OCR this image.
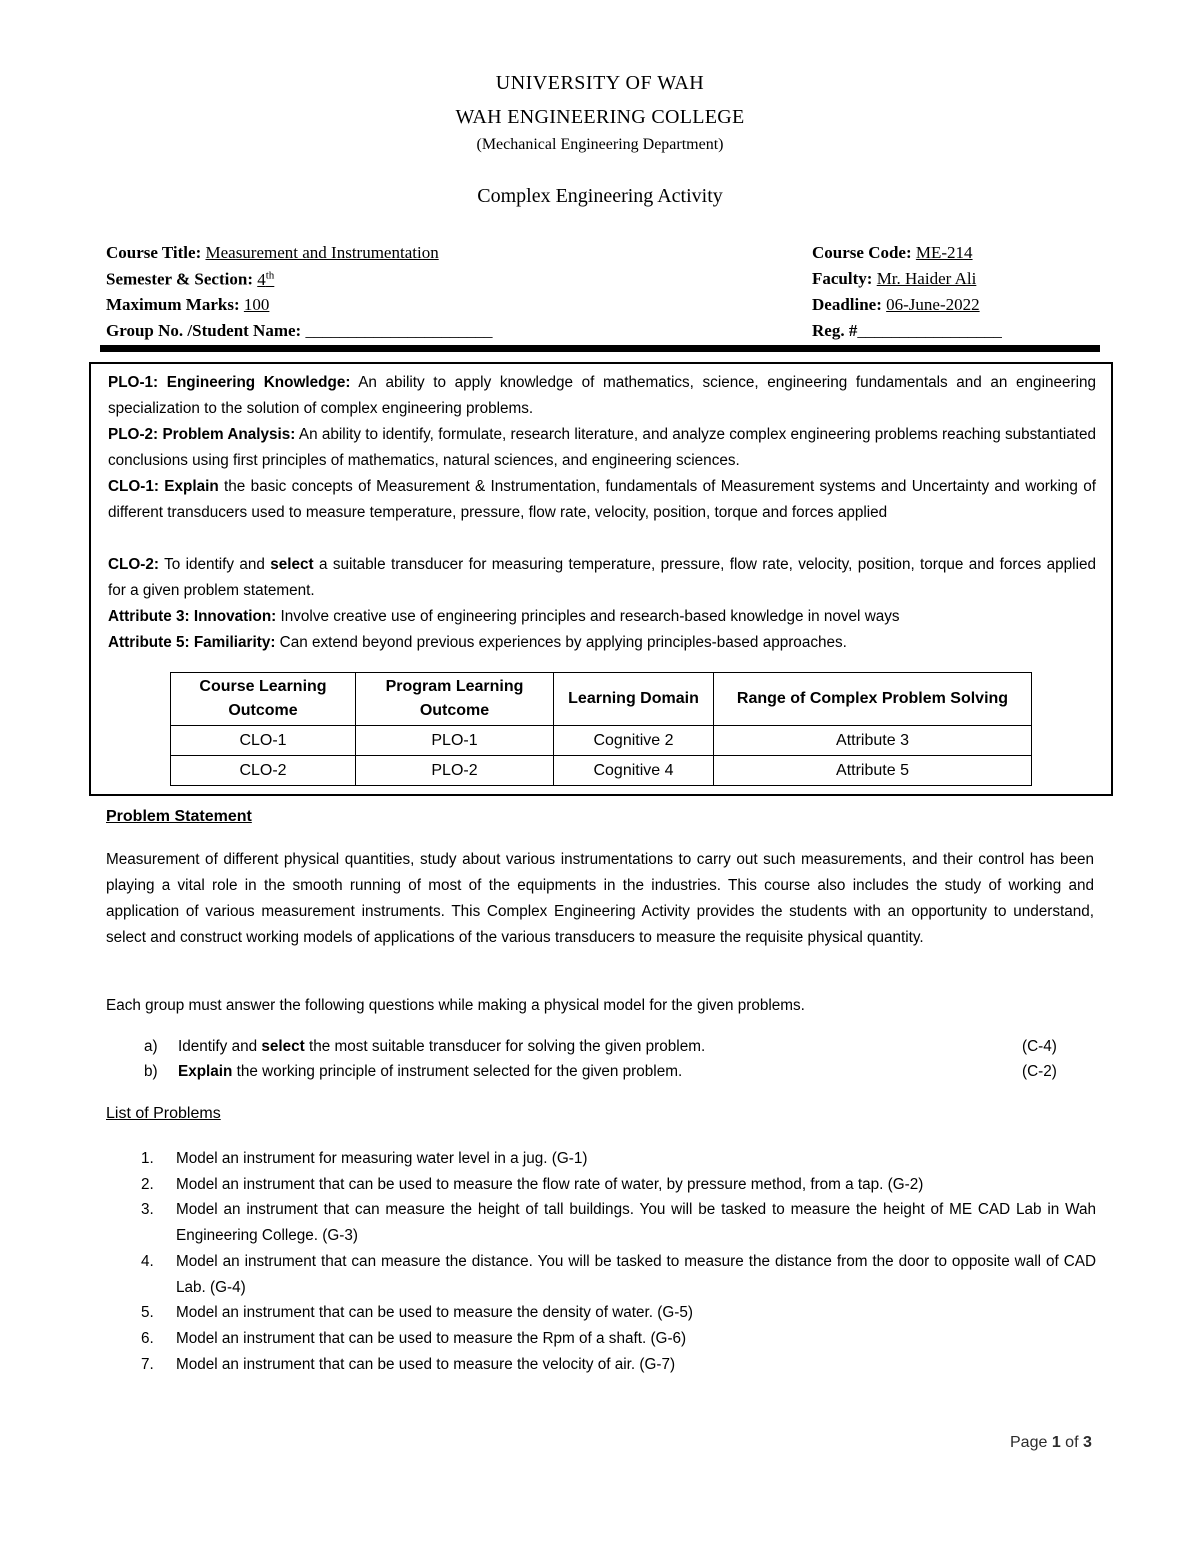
UNIVERSITY OF WAH
WAH ENGINEERING COLLEGE
(Mechanical Engineering Department)
Complex Engineering Activity
Course Title: Measurement and Instrumentation
Semester & Section: 4th
Maximum Marks: 100
Group No. /Student Name: ______________________
Course Code: ME-214
Faculty: Mr. Haider Ali
Deadline: 06-June-2022
Reg. #_________________
PLO-1: Engineering Knowledge: An ability to apply knowledge of mathematics, science, engineering fundamentals and an engineering specialization to the solution of complex engineering problems.
PLO-2: Problem Analysis: An ability to identify, formulate, research literature, and analyze complex engineering problems reaching substantiated conclusions using first principles of mathematics, natural sciences, and engineering sciences.
CLO-1: Explain the basic concepts of Measurement & Instrumentation, fundamentals of Measurement systems and Uncertainty and working of different transducers used to measure temperature, pressure, flow rate, velocity, position, torque and forces applied
CLO-2: To identify and select a suitable transducer for measuring temperature, pressure, flow rate, velocity, position, torque and forces applied for a given problem statement.
Attribute 3: Innovation: Involve creative use of engineering principles and research-based knowledge in novel ways
Attribute 5: Familiarity: Can extend beyond previous experiences by applying principles-based approaches.
Course Learning Outcome	Program Learning Outcome	Learning Domain	Range of Complex Problem Solving
CLO-1	PLO-1	Cognitive 2	Attribute 3
CLO-2	PLO-2	Cognitive 4	Attribute 5
Problem Statement
Measurement of different physical quantities, study about various instrumentations to carry out such measurements, and their control has been playing a vital role in the smooth running of most of the equipments in the industries. This course also includes the study of working and application of various measurement instruments. This Complex Engineering Activity provides the students with an opportunity to understand, select and construct working models of applications of the various transducers to measure the requisite physical quantity.
Each group must answer the following questions while making a physical model for the given problems.
a) Identify and select the most suitable transducer for solving the given problem.	(C-4)
b) Explain the working principle of instrument selected for the given problem.	(C-2)
List of Problems
1. Model an instrument for measuring water level in a jug. (G-1)
2. Model an instrument that can be used to measure the flow rate of water, by pressure method, from a tap. (G-2)
3. Model an instrument that can measure the height of tall buildings. You will be tasked to measure the height of ME CAD Lab in Wah Engineering College. (G-3)
4. Model an instrument that can measure the distance. You will be tasked to measure the distance from the door to opposite wall of CAD Lab. (G-4)
5. Model an instrument that can be used to measure the density of water. (G-5)
6. Model an instrument that can be used to measure the Rpm of a shaft. (G-6)
7. Model an instrument that can be used to measure the velocity of air. (G-7)
Page 1 of 3
